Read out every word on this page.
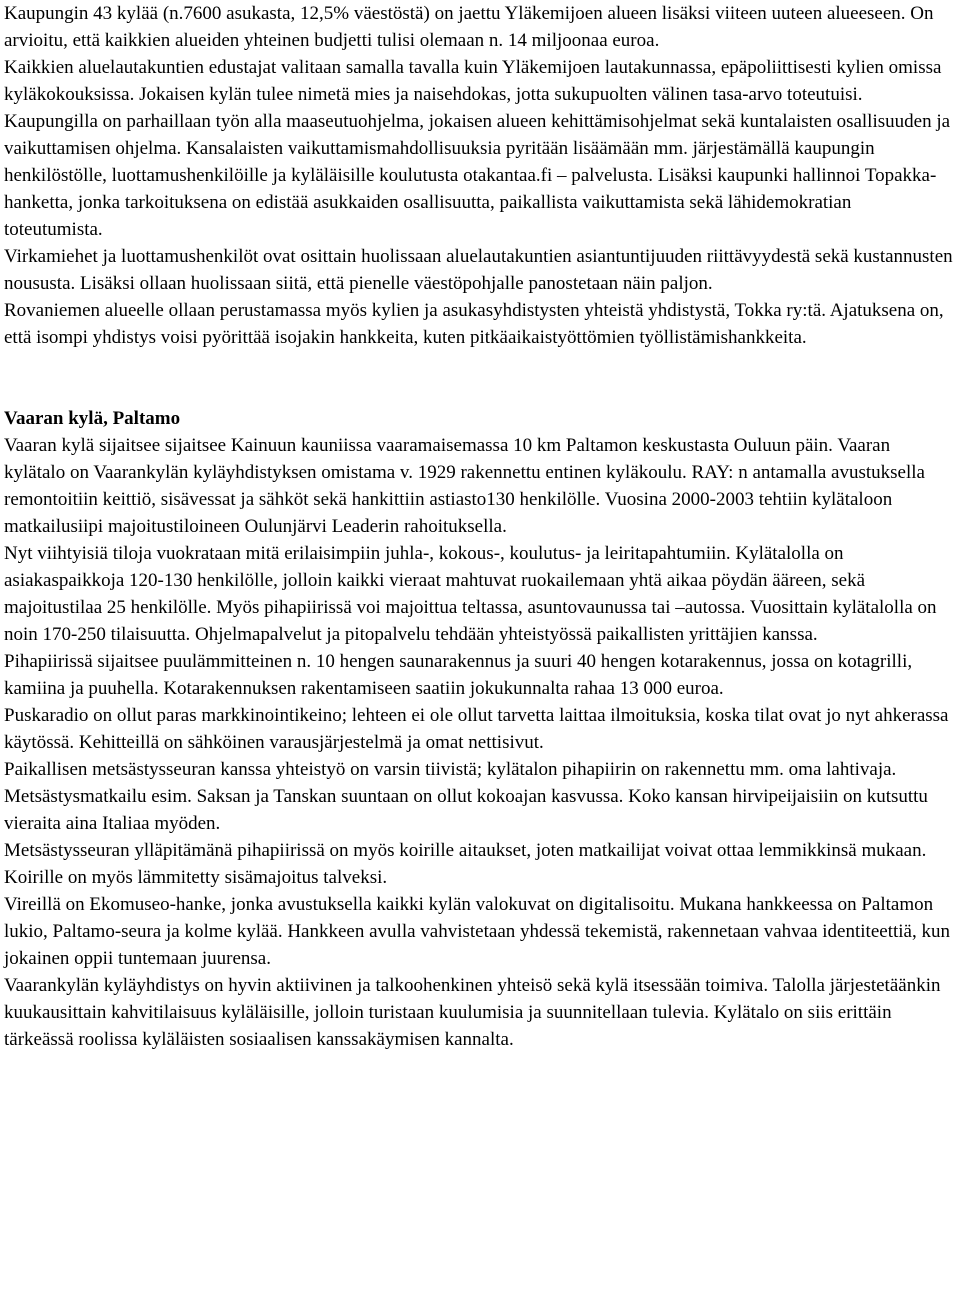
Kaupungin 43 kylää (n.7600 asukasta, 12,5% väestöstä) on jaettu Yläkemijoen alueen lisäksi viiteen uuteen alueeseen. On arvioitu, että kaikkien alueiden yhteinen budjetti tulisi olemaan n. 14 miljoonaa euroa.

Kaikkien aluelautakuntien edustajat valitaan samalla tavalla kuin Yläkemijoen lautakunnassa, epäpoliittisesti kylien omissa kyläkokouksissa. Jokaisen kylän tulee nimetä mies ja naisehdokas, jotta sukupuolten välinen tasa-arvo toteutuisi.

Kaupungilla on parhaillaan työn alla maaseutuohjelma, jokaisen alueen kehittämisohjelmat sekä kuntalaisten osallisuuden ja vaikuttamisen ohjelma. Kansalaisten vaikuttamismahdollisuuksia pyritään lisäämään mm. järjestämällä kaupungin henkilöstölle, luottamushenkilöille ja kyläläisille koulutusta otakantaa.fi – palvelusta. Lisäksi kaupunki hallinnoi Topakka-hanketta, jonka tarkoituksena on edistää asukkaiden osallisuutta, paikallista vaikuttamista sekä lähidemokratian toteutumista.

Virkamiehet ja luottamushenkilöt ovat osittain huolissaan aluelautakuntien asiantuntijuuden riittävyydestä sekä kustannusten noususta. Lisäksi ollaan huolissaan siitä, että pienelle väestöpohjalle panostetaan näin paljon.

Rovaniemen alueelle ollaan perustamassa myös kylien ja asukasyhdistysten yhteistä yhdistystä, Tokka ry:tä. Ajatuksena on, että isompi yhdistys voisi pyörittää isojakin hankkeita, kuten pitkäaikaistyöttömien työllistämishankkeita.

Vaaran kylä, Paltamo

Vaaran kylä sijaitsee sijaitsee Kainuun kauniissa vaaramaisemassa 10 km Paltamon keskustasta Ouluun päin. Vaaran kylätalo on Vaarankylän kyläyhdistyksen omistama v. 1929 rakennettu entinen kyläkoulu. RAY: n antamalla avustuksella remontoitiin keittiö, sisävessat ja sähköt sekä hankittiin astiasto130 henkilölle. Vuosina 2000-2003 tehtiin kylätaloon matkailusiipi majoitustiloineen Oulunjärvi Leaderin rahoituksella.

Nyt viihtyisiä tiloja vuokrataan mitä erilaisimpiin juhla-, kokous-, koulutus- ja leiritapahtumiin. Kylätalolla on asiakaspaikkoja 120-130 henkilölle, jolloin kaikki vieraat mahtuvat ruokailemaan yhtä aikaa pöydän ääreen, sekä majoitustilaa 25 henkilölle. Myös pihapiirissä voi majoittua teltassa, asuntovaunussa tai –autossa. Vuosittain kylätalolla on noin 170-250 tilaisuutta. Ohjelmapalvelut ja pitopalvelu tehdään yhteistyössä paikallisten yrittäjien kanssa.

Pihapiirissä sijaitsee puulämmitteinen n. 10 hengen saunarakennus ja suuri 40 hengen kotarakennus, jossa on kotagrilli, kamiina ja puuhella. Kotarakennuksen rakentamiseen saatiin jokukunnalta rahaa 13 000 euroa.

Puskaradio on ollut paras markkinointikeino; lehteen ei ole ollut tarvetta laittaa ilmoituksia, koska tilat ovat jo nyt ahkerassa käytössä. Kehitteillä on sähköinen varausjärjestelmä ja omat nettisivut.

Paikallisen metsästysseuran kanssa yhteistyö on varsin tiivistä; kylätalon pihapiirin on rakennettu mm. oma lahtivaja. Metsästysmatkailu esim. Saksan ja Tanskan suuntaan on ollut kokoajan kasvussa. Koko kansan hirvipeijaisiin on kutsuttu vieraita aina Italiaa myöden.

Metsästysseuran ylläpitämänä pihapiirissä on myös koirille aitaukset, joten matkailijat voivat ottaa lemmikkinsä mukaan. Koirille on myös lämmitetty sisämajoitus talveksi.

Vireillä on Ekomuseo-hanke, jonka avustuksella kaikki kylän valokuvat on digitalisoitu. Mukana hankkeessa on Paltamon lukio, Paltamo-seura ja kolme kylää. Hankkeen avulla vahvistetaan yhdessä tekemistä, rakennetaan vahvaa identiteettiä, kun jokainen oppii tuntemaan juurensa.

Vaarankylän kyläyhdistys on hyvin aktiivinen ja talkoohenkinen yhteisö sekä kylä itsessään toimiva. Talolla järjestetäänkin kuukausittain kahvitilaisuus kyläläisille, jolloin turistaan kuulumisia ja suunnitellaan tulevia. Kylätalo on siis erittäin tärkeässä roolissa kyläläisten sosiaalisen kanssakäymisen kannalta.
